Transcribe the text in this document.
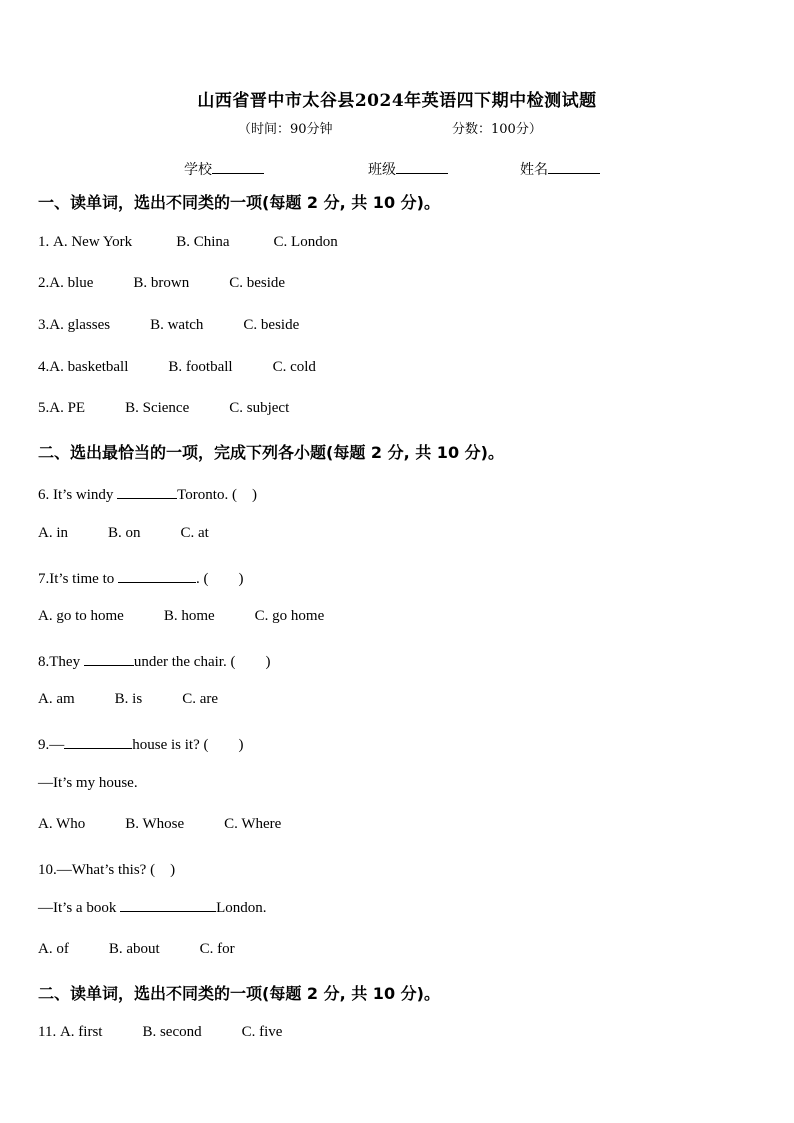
山西省晋中市太谷县2024年英语四下期中检测试题
（时间：90分钟	分数：100分）
学校	班级	姓名
一、读单词，选出不同类的一项(每题 2 分, 共 10 分)。
1. A. New York	B. China	C. London
2.A. blue	B. brown	C. beside
3.A. glasses	B. watch	C. beside
4.A. basketball	B. football	C. cold
5.A. PE	B. Science	C. subject
二、选出最恰当的一项，完成下列各小题(每题 2 分, 共 10 分)。
6. It’s windy	Toronto. (　)
A. in	B. on	C. at
7.It’s time to	. (　　)
A. go to home	B. home	C. go home
8.They	under the chair. (　　)
A. am	B. is	C. are
9.—	house is it? (　　)
—It’s my house.
A. Who	B. Whose	C. Where
10.—What’s this? (　)
—It’s a book	London.
A. of	B. about	C. for
二、读单词，选出不同类的一项(每题 2 分, 共 10 分)。
11. A. first	B. second	C. five
